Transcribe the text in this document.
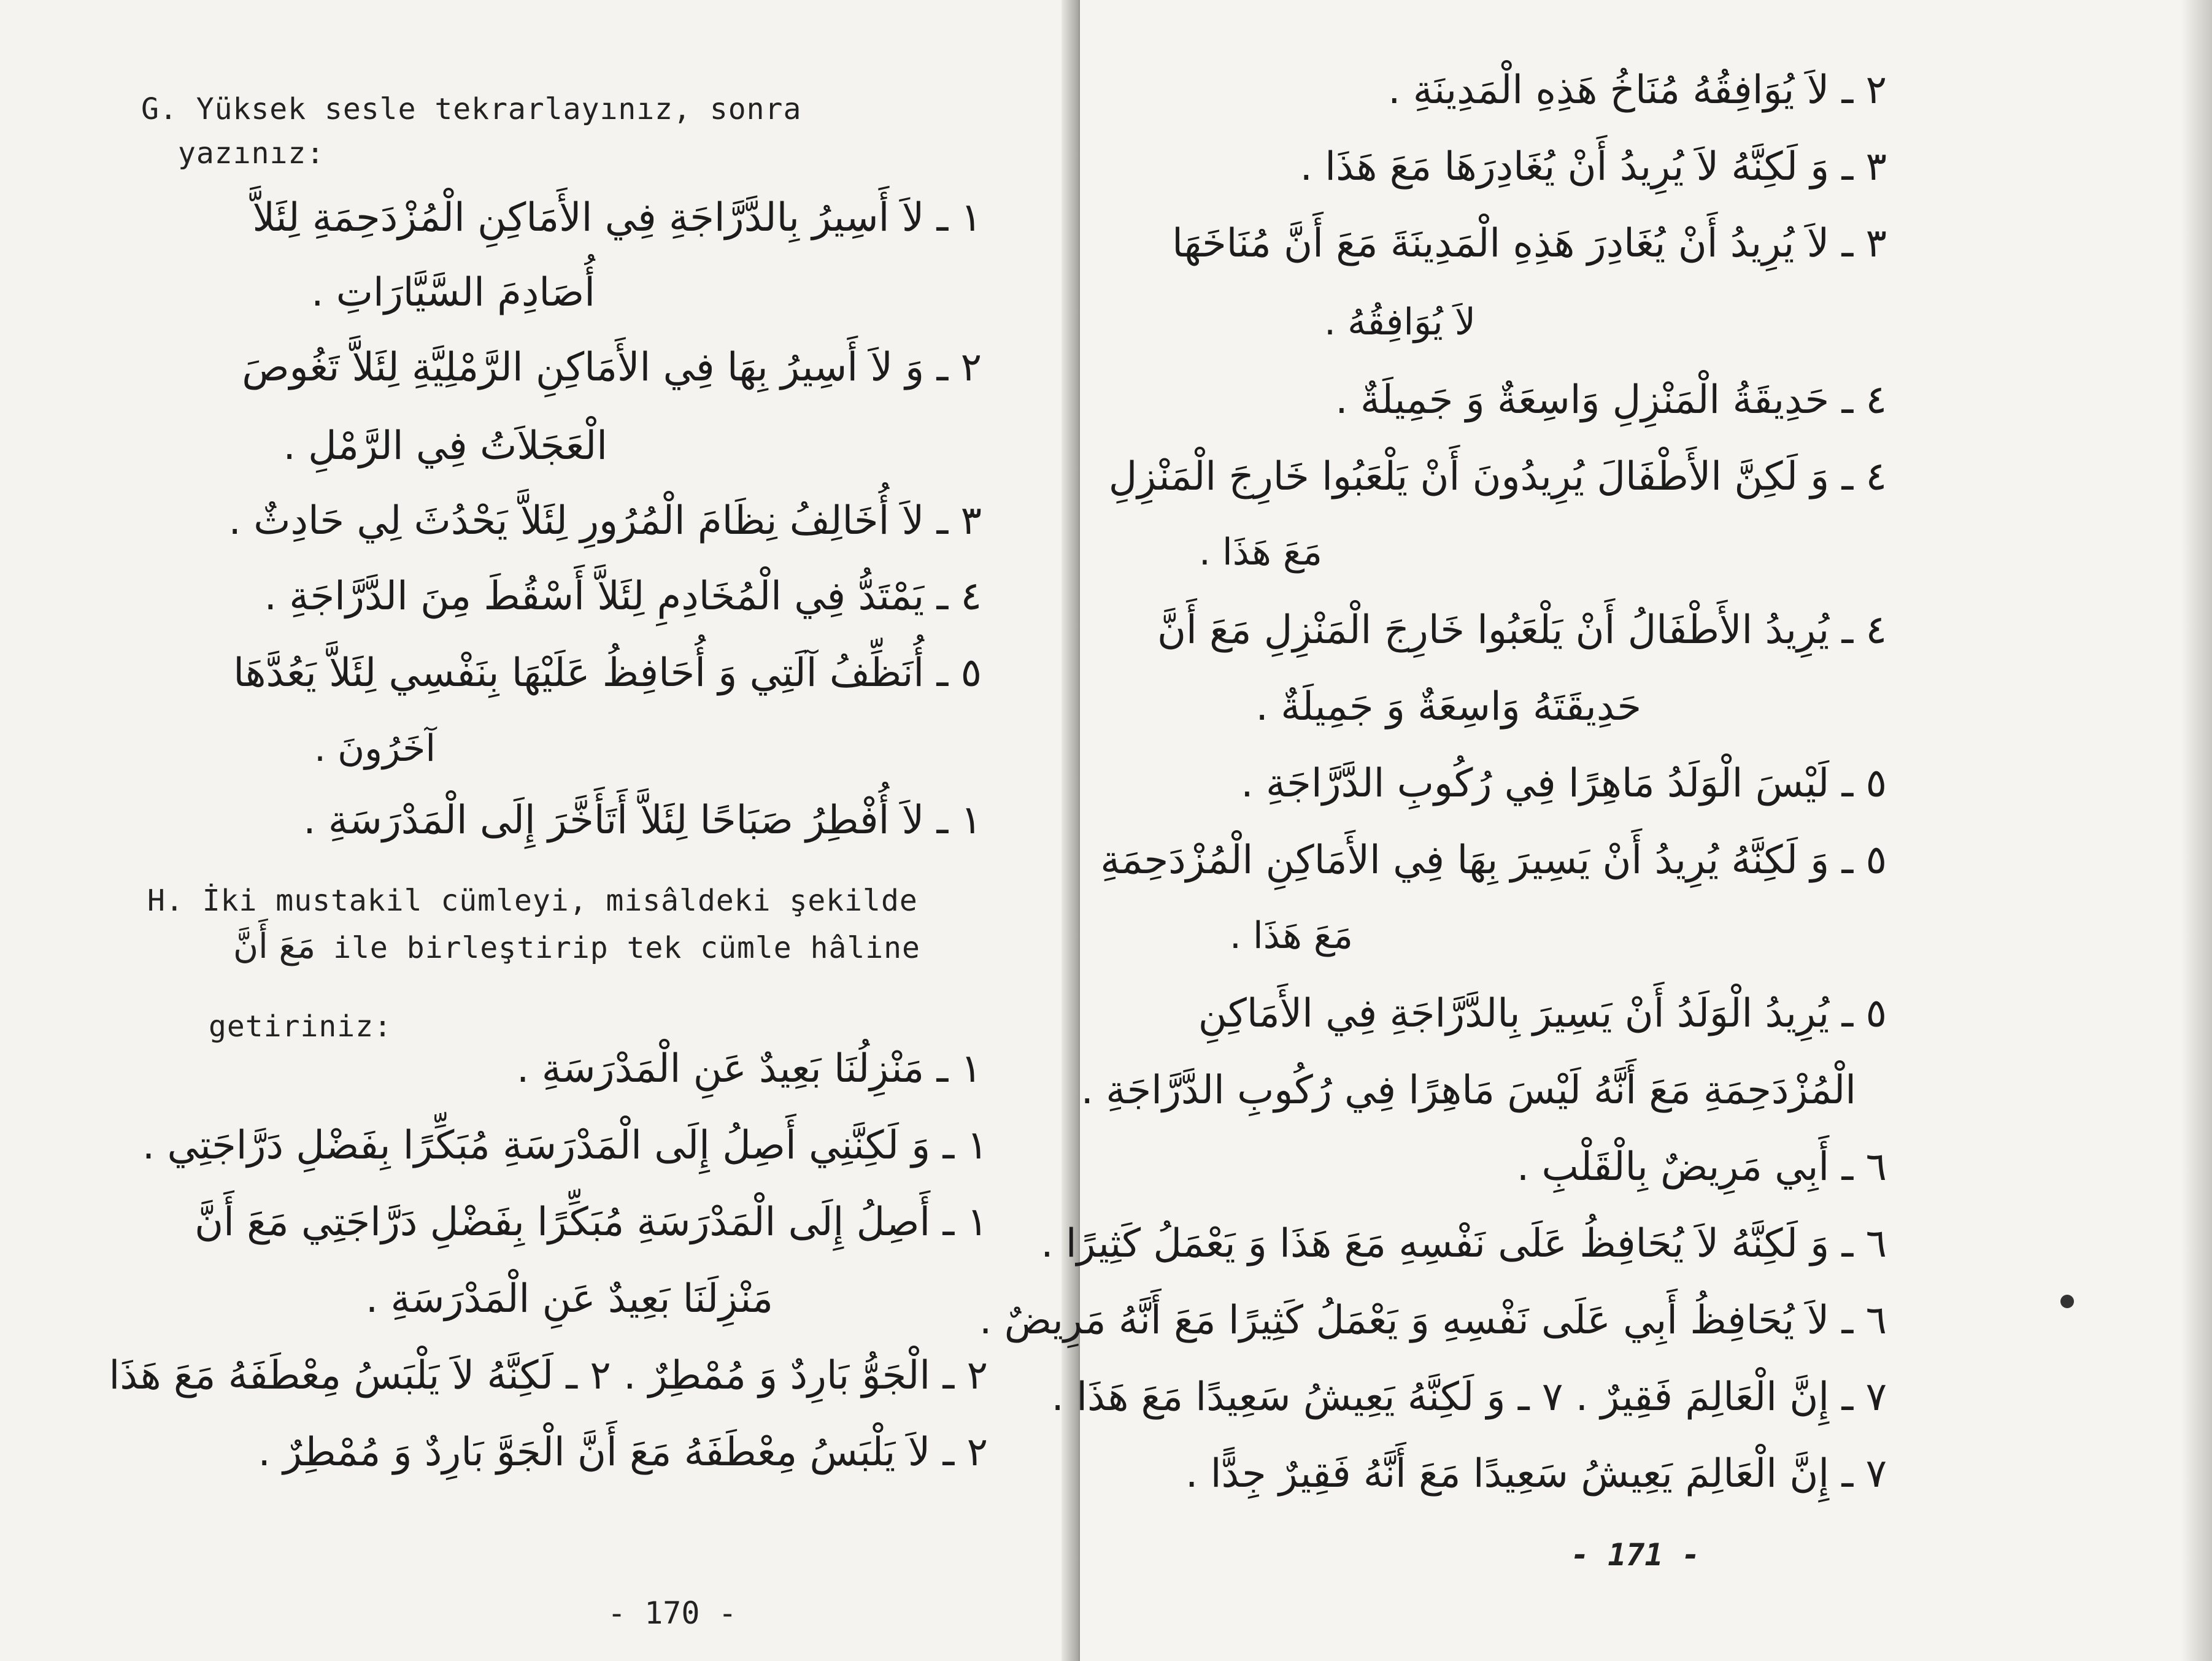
G. Yüksek sesle tekrarlayınız, sonra
yazınız:
١ ـ لاَ أَسِيرُ بِالدَّرَّاجَةِ فِي الأَمَاكِنِ الْمُزْدَحِمَةِ لِئَلاَّ
أُصَادِمَ السَّيَّارَاتِ .
٢ ـ وَ لاَ أَسِيرُ بِهَا فِي الأَمَاكِنِ الرَّمْلِيَّةِ لِئَلاَّ تَغُوصَ
الْعَجَلاَتُ فِي الرَّمْلِ .
٣ ـ لاَ أُخَالِفُ نِظَامَ الْمُرُورِ لِئَلاَّ يَحْدُثَ لِي حَادِثٌ .
٤ ـ يَمْتَدُّ فِي الْمُخَادِمِ لِئَلاَّ أَسْقُطَ مِنَ الدَّرَّاجَةِ .
٥ ـ أُنَظِّفُ آلَتِي وَ أُحَافِظُ عَلَيْهَا بِنَفْسِي لِئَلاَّ يَعُدَّهَا
آخَرُونَ .
١ ـ لاَ أُفْطِرُ صَبَاحًا لِئَلاَّ أَتَأَخَّرَ إِلَى الْمَدْرَسَةِ .
H. İki mustakil cümleyi, misâldeki şekilde
مَعَ أَنَّ ile birleştirip tek cümle hâline
getiriniz:
١ ـ مَنْزِلُنَا بَعِيدٌ عَنِ الْمَدْرَسَةِ .
١ ـ وَ لَكِنَّنِي أَصِلُ إِلَى الْمَدْرَسَةِ مُبَكِّرًا بِفَضْلِ دَرَّاجَتِي .
١ ـ أَصِلُ إِلَى الْمَدْرَسَةِ مُبَكِّرًا بِفَضْلِ دَرَّاجَتِي مَعَ أَنَّ
مَنْزِلَنَا بَعِيدٌ عَنِ الْمَدْرَسَةِ .
٢ ـ الْجَوُّ بَارِدٌ وَ مُمْطِرٌ . ٢ ـ لَكِنَّهُ لاَ يَلْبَسُ مِعْطَفَهُ مَعَ هَذَا
٢ ـ لاَ يَلْبَسُ مِعْطَفَهُ مَعَ أَنَّ الْجَوَّ بَارِدٌ وَ مُمْطِرٌ .
- 170 -
٢ ـ لاَ يُوَافِقُهُ مُنَاخُ هَذِهِ الْمَدِينَةِ .
٣ ـ وَ لَكِنَّهُ لاَ يُرِيدُ أَنْ يُغَادِرَهَا مَعَ هَذَا .
٣ ـ لاَ يُرِيدُ أَنْ يُغَادِرَ هَذِهِ الْمَدِينَةَ مَعَ أَنَّ مُنَاخَهَا
لاَ يُوَافِقُهُ .
٤ ـ حَدِيقَةُ الْمَنْزِلِ وَاسِعَةٌ وَ جَمِيلَةٌ .
٤ ـ وَ لَكِنَّ الأَطْفَالَ يُرِيدُونَ أَنْ يَلْعَبُوا خَارِجَ الْمَنْزِلِ
مَعَ هَذَا .
٤ ـ يُرِيدُ الأَطْفَالُ أَنْ يَلْعَبُوا خَارِجَ الْمَنْزِلِ مَعَ أَنَّ
حَدِيقَتَهُ وَاسِعَةٌ وَ جَمِيلَةٌ .
٥ ـ لَيْسَ الْوَلَدُ مَاهِرًا فِي رُكُوبِ الدَّرَّاجَةِ .
٥ ـ وَ لَكِنَّهُ يُرِيدُ أَنْ يَسِيرَ بِهَا فِي الأَمَاكِنِ الْمُزْدَحِمَةِ
مَعَ هَذَا .
٥ ـ يُرِيدُ الْوَلَدُ أَنْ يَسِيرَ بِالدَّرَّاجَةِ فِي الأَمَاكِنِ
الْمُزْدَحِمَةِ مَعَ أَنَّهُ لَيْسَ مَاهِرًا فِي رُكُوبِ الدَّرَّاجَةِ .
٦ ـ أَبِي مَرِيضٌ بِالْقَلْبِ .
٦ ـ وَ لَكِنَّهُ لاَ يُحَافِظُ عَلَى نَفْسِهِ مَعَ هَذَا وَ يَعْمَلُ كَثِيرًا .
٦ ـ لاَ يُحَافِظُ أَبِي عَلَى نَفْسِهِ وَ يَعْمَلُ كَثِيرًا مَعَ أَنَّهُ مَرِيضٌ .
٧ ـ إِنَّ الْعَالِمَ فَقِيرٌ . ٧ ـ وَ لَكِنَّهُ يَعِيشُ سَعِيدًا مَعَ هَذَا .
٧ ـ إِنَّ الْعَالِمَ يَعِيشُ سَعِيدًا مَعَ أَنَّهُ فَقِيرٌ جِدًّا .
- 171 -
